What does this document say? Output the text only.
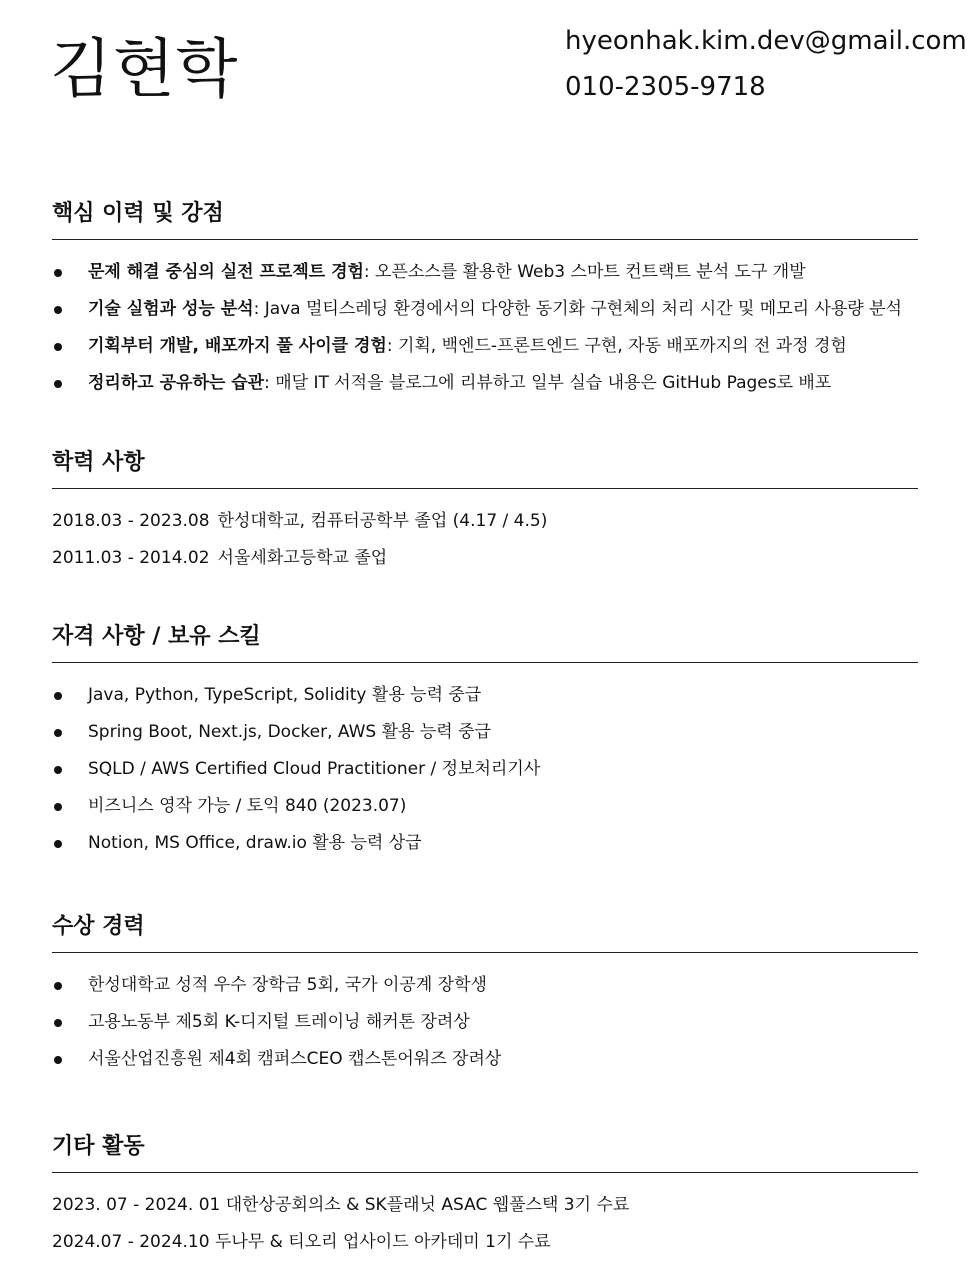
김현학	hyeonhak.kim.dev@gmail.com
010-2305-9718
핵심 이력 및 강점
문제 해결 중심의 실전 프로젝트 경험: 오픈소스를 활용한 Web3 스마트 컨트랙트 분석 도구 개발
기술 실험과 성능 분석: Java 멀티스레딩 환경에서의 다양한 동기화 구현체의 처리 시간 및 메모리 사용량 분석
기획부터 개발, 배포까지 풀 사이클 경험: 기획, 백엔드-프론트엔드 구현, 자동 배포까지의 전 과정 경험
정리하고 공유하는 습관: 매달 IT 서적을 블로그에 리뷰하고 일부 실습 내용은 GitHub Pages로 배포
학력 사항
2018.03 - 2023.08 한성대학교, 컴퓨터공학부 졸업 (4.17 / 4.5)
2011.03 - 2014.02 서울세화고등학교 졸업
자격 사항 / 보유 스킬
Java, Python, TypeScript, Solidity 활용 능력 중급
Spring Boot, Next.js, Docker, AWS 활용 능력 중급
SQLD / AWS Certified Cloud Practitioner / 정보처리기사
비즈니스 영작 가능 / 토익 840 (2023.07)
Notion, MS Office, draw.io 활용 능력 상급
수상 경력
한성대학교 성적 우수 장학금 5회, 국가 이공계 장학생
고용노동부 제5회 K-디지털 트레이닝 해커톤 장려상
서울산업진흥원 제4회 캠퍼스CEO 캡스톤어워즈 장려상
기타 활동
2023. 07 - 2024. 01 대한상공회의소 & SK플래닛 ASAC 웹풀스택 3기 수료
2024.07 - 2024.10 두나무 & 티오리 업사이드 아카데미 1기 수료
